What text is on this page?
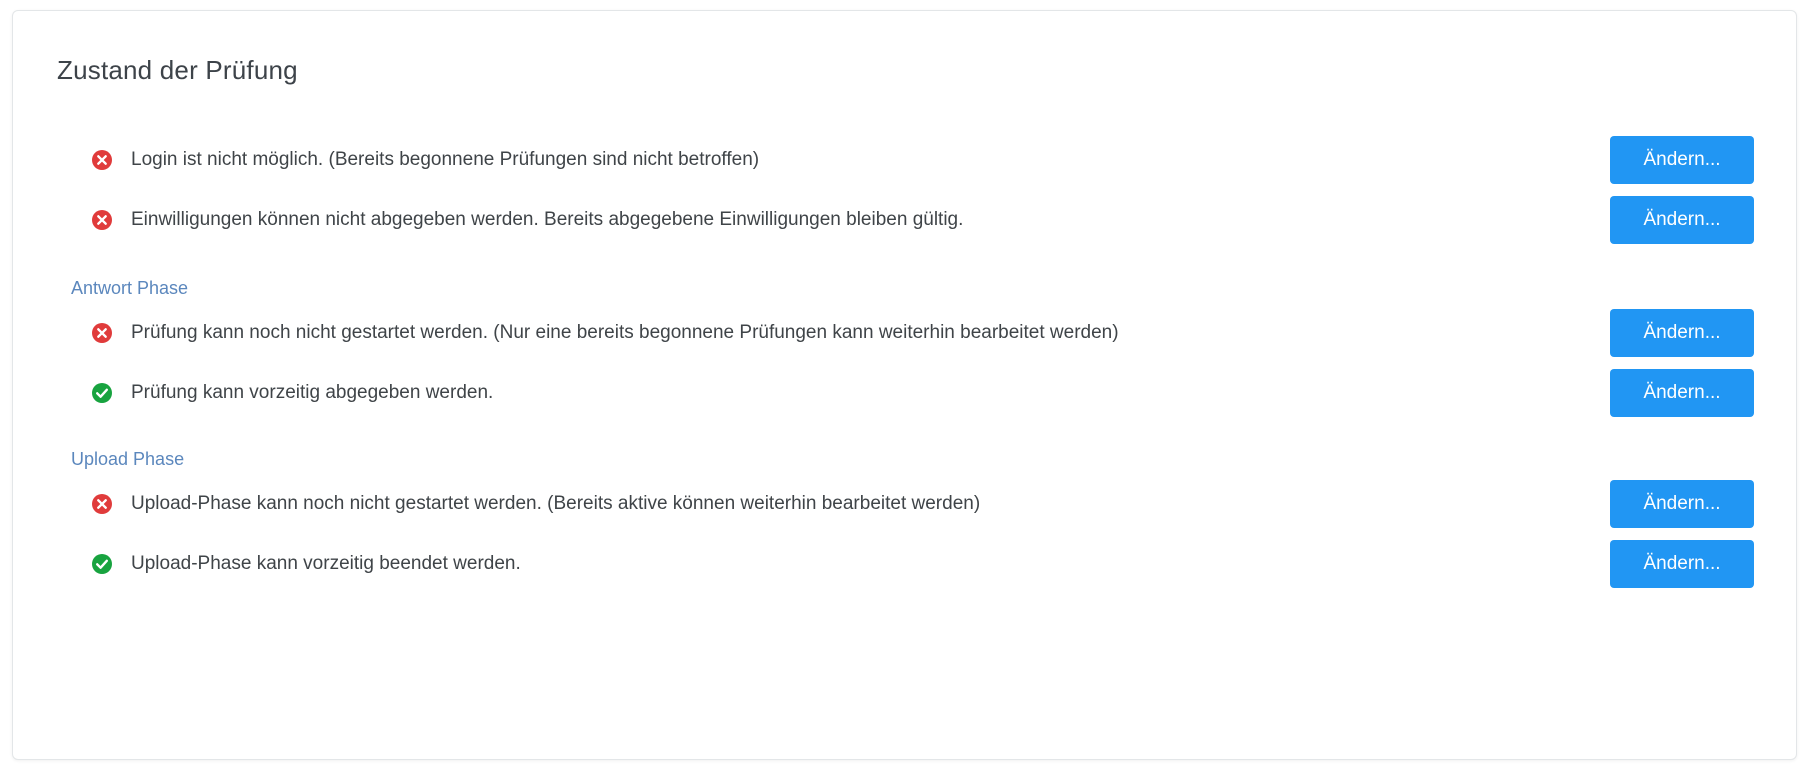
Zustand der Prüfung
Login ist nicht möglich. (Bereits begonnene Prüfungen sind nicht betroffen)	Ändern...
Einwilligungen können nicht abgegeben werden. Bereits abgegebene Einwilligungen bleiben gültig.	Ändern...
Antwort Phase
Prüfung kann noch nicht gestartet werden. (Nur eine bereits begonnene Prüfungen kann weiterhin bearbeitet werden)	Ändern...
Prüfung kann vorzeitig abgegeben werden.	Ändern...
Upload Phase
Upload-Phase kann noch nicht gestartet werden. (Bereits aktive können weiterhin bearbeitet werden)	Ändern...
Upload-Phase kann vorzeitig beendet werden.	Ändern...
